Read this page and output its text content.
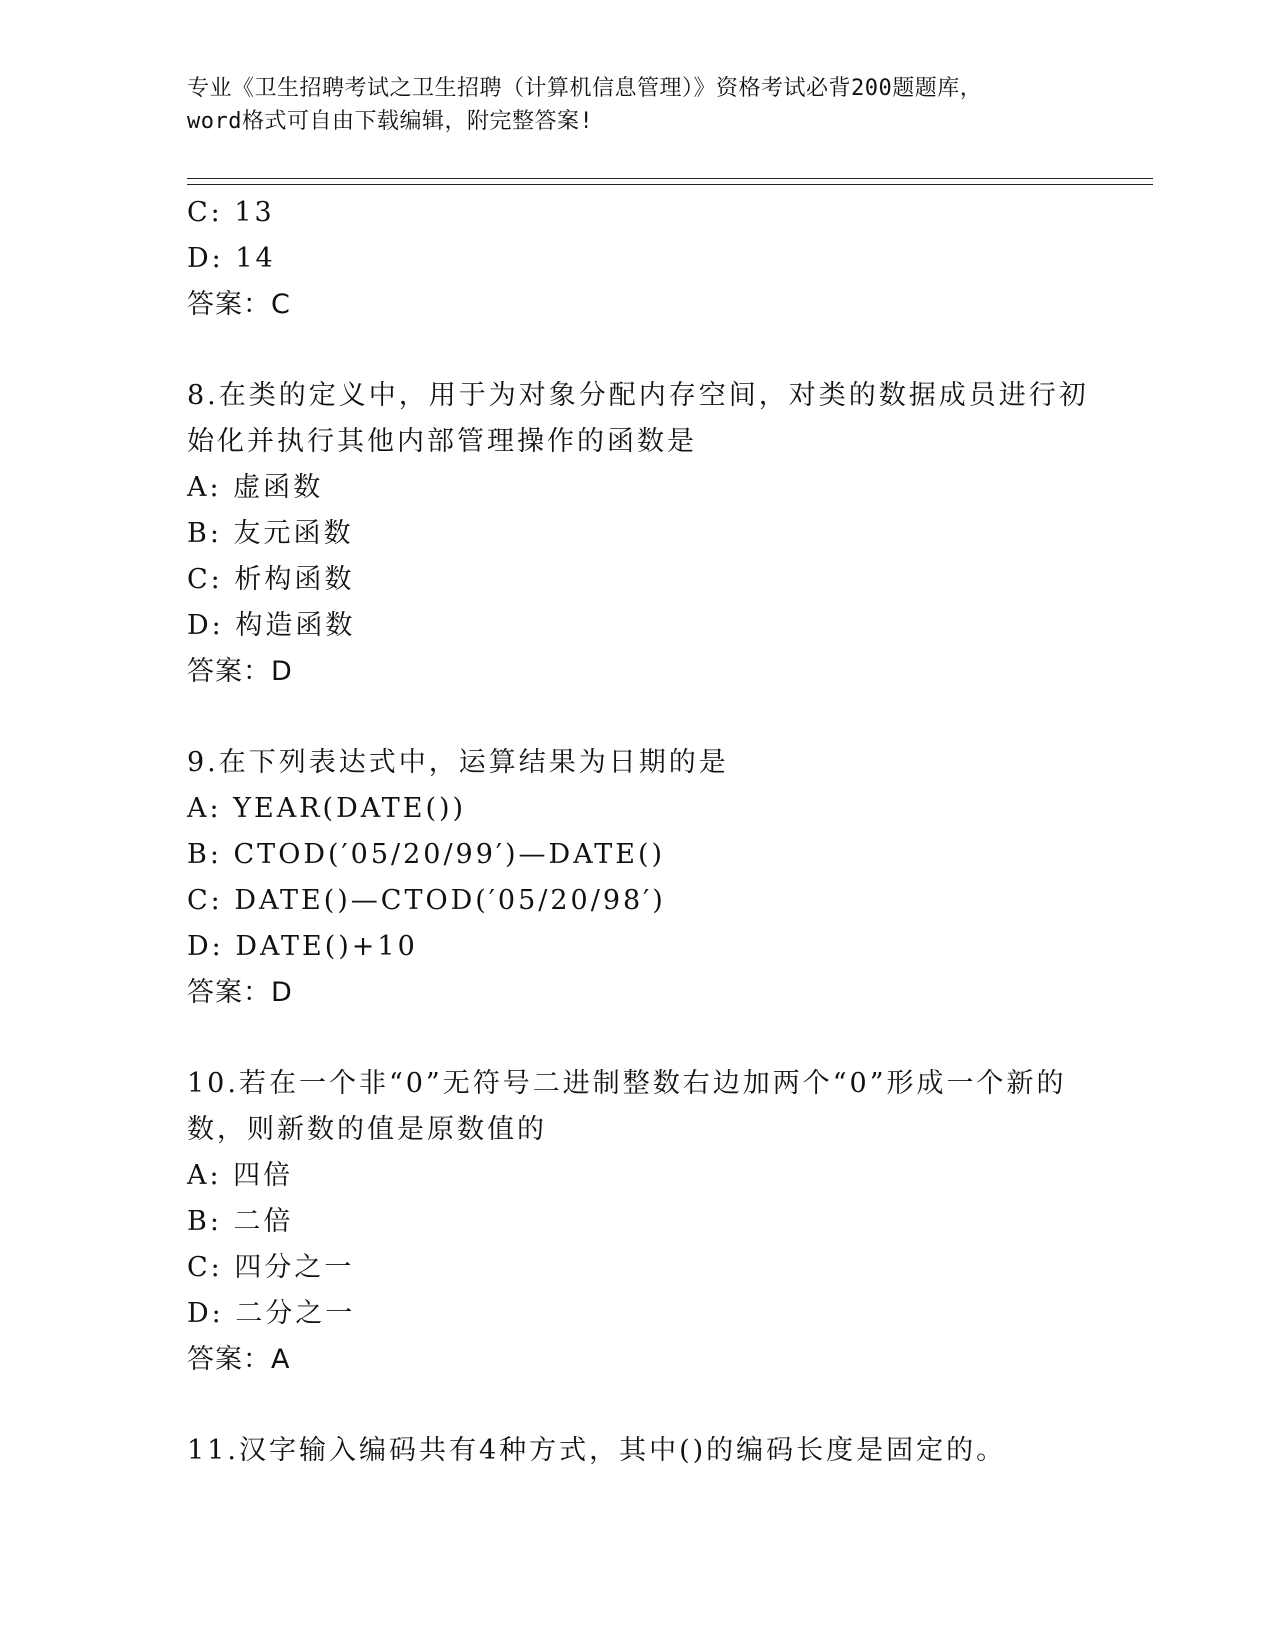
专业《卫生招聘考试之卫生招聘（计算机信息管理）》资格考试必背200题题库，
word格式可自由下载编辑，附完整答案!
C: 13
D: 14
答案：C
8.在类的定义中，用于为对象分配内存空间，对类的数据成员进行初
始化并执行其他内部管理操作的函数是
A: 虚函数
B: 友元函数
C: 析构函数
D: 构造函数
答案：D
9.在下列表达式中，运算结果为日期的是
A: YEAR(DATE())
B: CTOD(′05/20/99′)—DATE()
C: DATE()—CTOD(′05/20/98′)
D: DATE()+10
答案：D
10.若在一个非“0”无符号二进制整数右边加两个“0”形成一个新的
数，则新数的值是原数值的
A: 四倍
B: 二倍
C: 四分之一
D: 二分之一
答案：A
11.汉字输入编码共有4种方式，其中()的编码长度是固定的。
